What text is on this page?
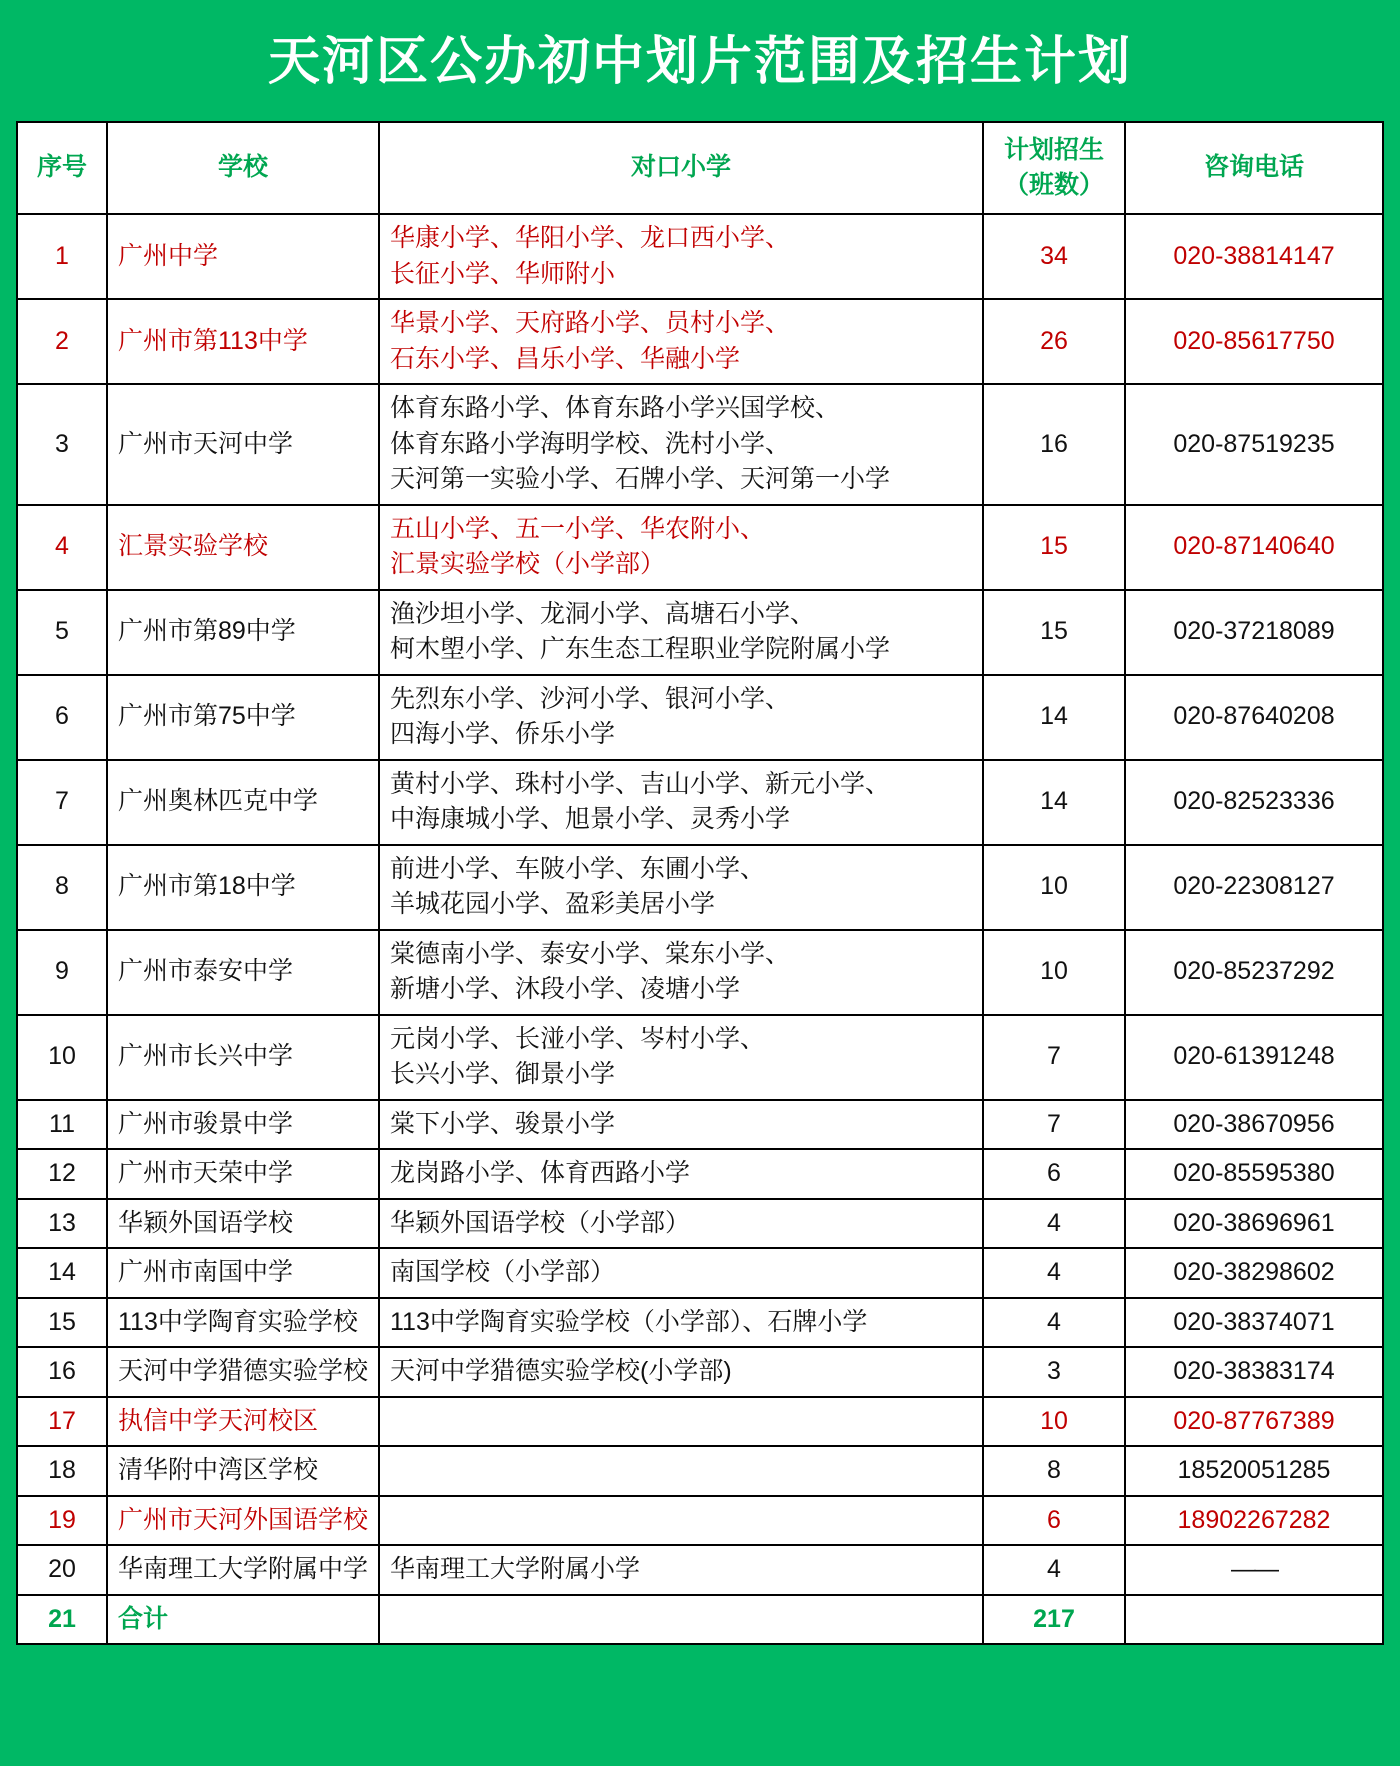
天河区公办初中划片范围及招生计划
序号	学校	对口小学	计划招生
（班数）	咨询电话
1	广州中学	华康小学、华阳小学、龙口西小学、
长征小学、华师附小	34	020-38814147
2	广州市第113中学	华景小学、天府路小学、员村小学、
石东小学、昌乐小学、华融小学	26	020-85617750
3	广州市天河中学	体育东路小学、体育东路小学兴国学校、
体育东路小学海明学校、洗村小学、
天河第一实验小学、石牌小学、天河第一小学	16	020-87519235
4	汇景实验学校	五山小学、五一小学、华农附小、
汇景实验学校（小学部）	15	020-87140640
5	广州市第89中学	渔沙坦小学、龙洞小学、高塘石小学、
柯木塱小学、广东生态工程职业学院附属小学	15	020-37218089
6	广州市第75中学	先烈东小学、沙河小学、银河小学、
四海小学、侨乐小学	14	020-87640208
7	广州奥林匹克中学	黄村小学、珠村小学、吉山小学、新元小学、
中海康城小学、旭景小学、灵秀小学	14	020-82523336
8	广州市第18中学	前进小学、车陂小学、东圃小学、
羊城花园小学、盈彩美居小学	10	020-22308127
9	广州市泰安中学	棠德南小学、泰安小学、棠东小学、
新塘小学、沐段小学、凌塘小学	10	020-85237292
10	广州市长兴中学	元岗小学、长湴小学、岑村小学、
长兴小学、御景小学	7	020-61391248
11	广州市骏景中学	棠下小学、骏景小学	7	020-38670956
12	广州市天荣中学	龙岗路小学、体育西路小学	6	020-85595380
13	华颖外国语学校	华颖外国语学校（小学部）	4	020-38696961
14	广州市南国中学	南国学校（小学部）	4	020-38298602
15	113中学陶育实验学校	113中学陶育实验学校（小学部）、石牌小学	4	020-38374071
16	天河中学猎德实验学校	天河中学猎德实验学校(小学部)	3	020-38383174
17	执信中学天河校区		10	020-87767389
18	清华附中湾区学校		8	18520051285
19	广州市天河外国语学校		6	18902267282
20	华南理工大学附属中学	华南理工大学附属小学	4	——
21	合计		217	
